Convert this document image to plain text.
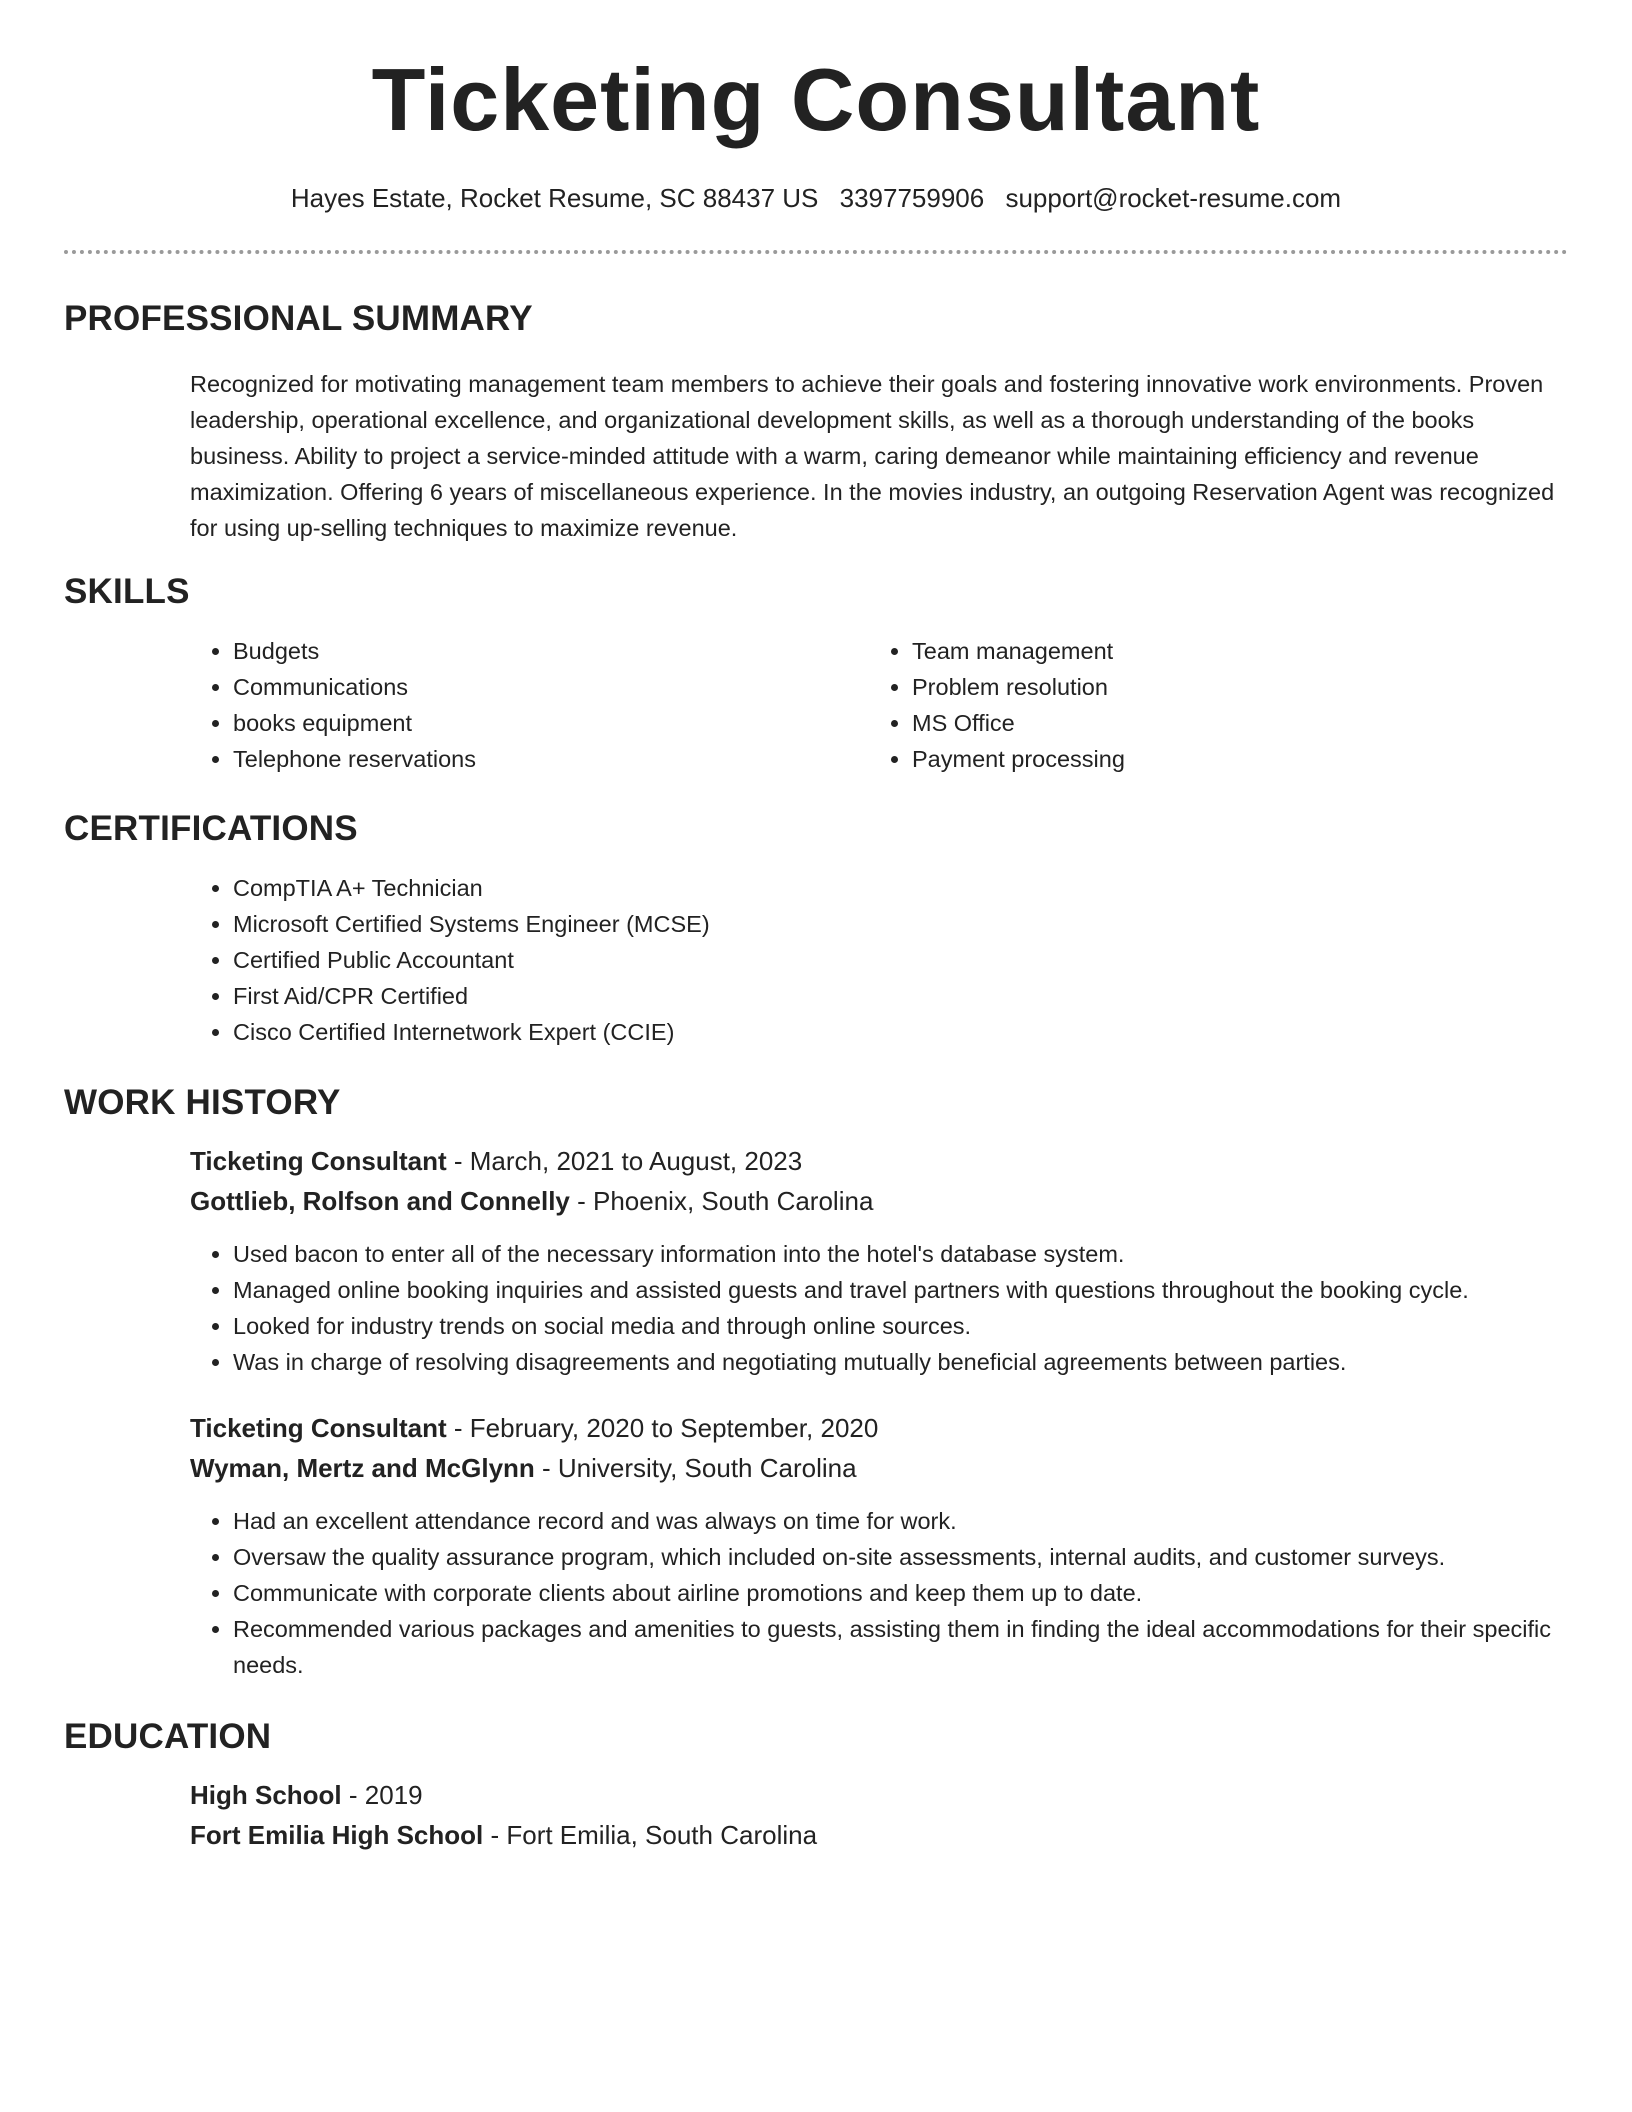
Ticketing Consultant
Hayes Estate, Rocket Resume, SC 88437 US 3397759906 support@rocket-resume.com
PROFESSIONAL SUMMARY

Recognized for motivating management team members to achieve their goals and fostering innovative work environments. Proven leadership, operational excellence, and organizational development skills, as well as a thorough understanding of the books business. Ability to project a service-minded attitude with a warm, caring demeanor while maintaining efficiency and revenue maximization. Offering 6 years of miscellaneous experience. In the movies industry, an outgoing Reservation Agent was recognized for using up-selling techniques to maximize revenue.

SKILLS
• Budgets
• Communications
• books equipment
• Telephone reservations
• Team management
• Problem resolution
• MS Office
• Payment processing
CERTIFICATIONS
• CompTIA A+ Technician
• Microsoft Certified Systems Engineer (MCSE)
• Certified Public Accountant
• First Aid/CPR Certified
• Cisco Certified Internetwork Expert (CCIE)
WORK HISTORY

Ticketing Consultant - March, 2021 to August, 2023

Gottlieb, Rolfson and Connelly - Phoenix, South Carolina

• Used bacon to enter all of the necessary information into the hotel's database system.
• Managed online booking inquiries and assisted guests and travel partners with questions throughout the booking cycle.
• Looked for industry trends on social media and through online sources.
• Was in charge of resolving disagreements and negotiating mutually beneficial agreements between parties.

Ticketing Consultant - February, 2020 to September, 2020

Wyman, Mertz and McGlynn - University, South Carolina

• Had an excellent attendance record and was always on time for work.
• Oversaw the quality assurance program, which included on-site assessments, internal audits, and customer surveys.
• Communicate with corporate clients about airline promotions and keep them up to date.
• Recommended various packages and amenities to guests, assisting them in finding the ideal accommodations for their specific needs.
EDUCATION

High School - 2019

Fort Emilia High School - Fort Emilia, South Carolina
